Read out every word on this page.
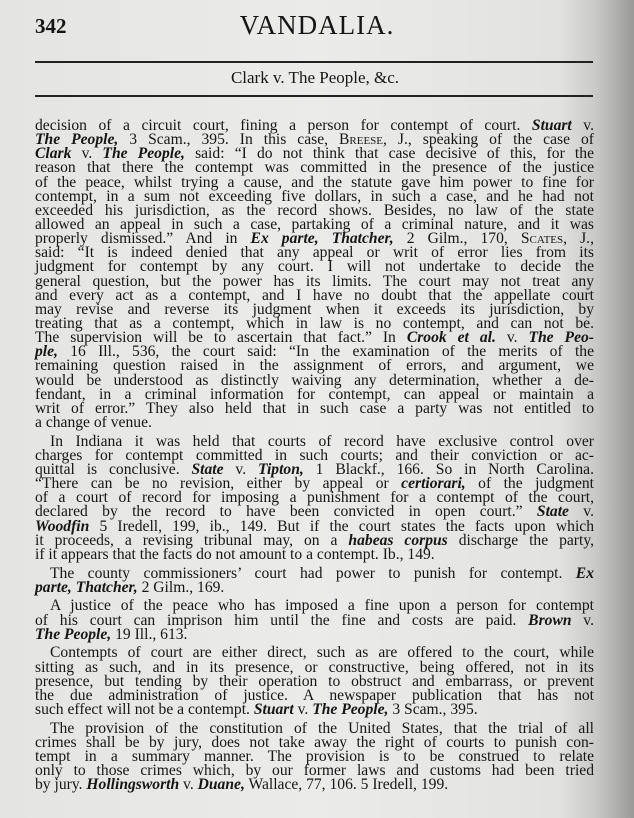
342	VANDALIA.
Clark v. The People, &c.
decision of a circuit court, fining a person for contempt of court. Stuart v.
The People, 3 Scam., 395. In this case, Breese, J., speaking of the case of
Clark v. The People, said: “I do not think that case decisive of this, for the
reason that there the contempt was committed in the presence of the justice
of the peace, whilst trying a cause, and the statute gave him power to fine for
contempt, in a sum not exceeding five dollars, in such a case, and he had not
exceeded his jurisdiction, as the record shows. Besides, no law of the state
allowed an appeal in such a case, partaking of a criminal nature, and it was
properly dismissed.” And in Ex parte, Thatcher, 2 Gilm., 170, Scates, J.,
said: “It is indeed denied that any appeal or writ of error lies from its
judgment for contempt by any court. I will not undertake to decide the
general question, but the power has its limits. The court may not treat any
and every act as a contempt, and I have no doubt that the appellate court
may revise and reverse its judgment when it exceeds its jurisdiction, by
treating that as a contempt, which in law is no contempt, and can not be.
The supervision will be to ascertain that fact.” In Crook et al. v. The Peo-
ple, 16 Ill., 536, the court said: “In the examination of the merits of the
remaining question raised in the assignment of errors, and argument, we
would be understood as distinctly waiving any determination, whether a de-
fendant, in a criminal information for contempt, can appeal or maintain a
writ of error.” They also held that in such case a party was not entitled to
a change of venue.
In Indiana it was held that courts of record have exclusive control over
charges for contempt committed in such courts; and their conviction or ac-
quittal is conclusive. State v. Tipton, 1 Blackf., 166. So in North Carolina.
“There can be no revision, either by appeal or certiorari, of the judgment
of a court of record for imposing a punishment for a contempt of the court,
declared by the record to have been convicted in open court.” State v.
Woodfin 5 Iredell, 199, ib., 149. But if the court states the facts upon which
it proceeds, a revising tribunal may, on a habeas corpus discharge the party,
if it appears that the facts do not amount to a contempt. Ib., 149.
The county commissioners’ court had power to punish for contempt. Ex
parte, Thatcher, 2 Gilm., 169.
A justice of the peace who has imposed a fine upon a person for contempt
of his court can imprison him until the fine and costs are paid. Brown v.
The People, 19 Ill., 613.
Contempts of court are either direct, such as are offered to the court, while
sitting as such, and in its presence, or constructive, being offered, not in its
presence, but tending by their operation to obstruct and embarrass, or prevent
the due administration of justice. A newspaper publication that has not
such effect will not be a contempt. Stuart v. The People, 3 Scam., 395.
The provision of the constitution of the United States, that the trial of all
crimes shall be by jury, does not take away the right of courts to punish con-
tempt in a summary manner. The provision is to be construed to relate
only to those crimes which, by our former laws and customs had been tried
by jury. Hollingsworth v. Duane, Wallace, 77, 106. 5 Iredell, 199.
